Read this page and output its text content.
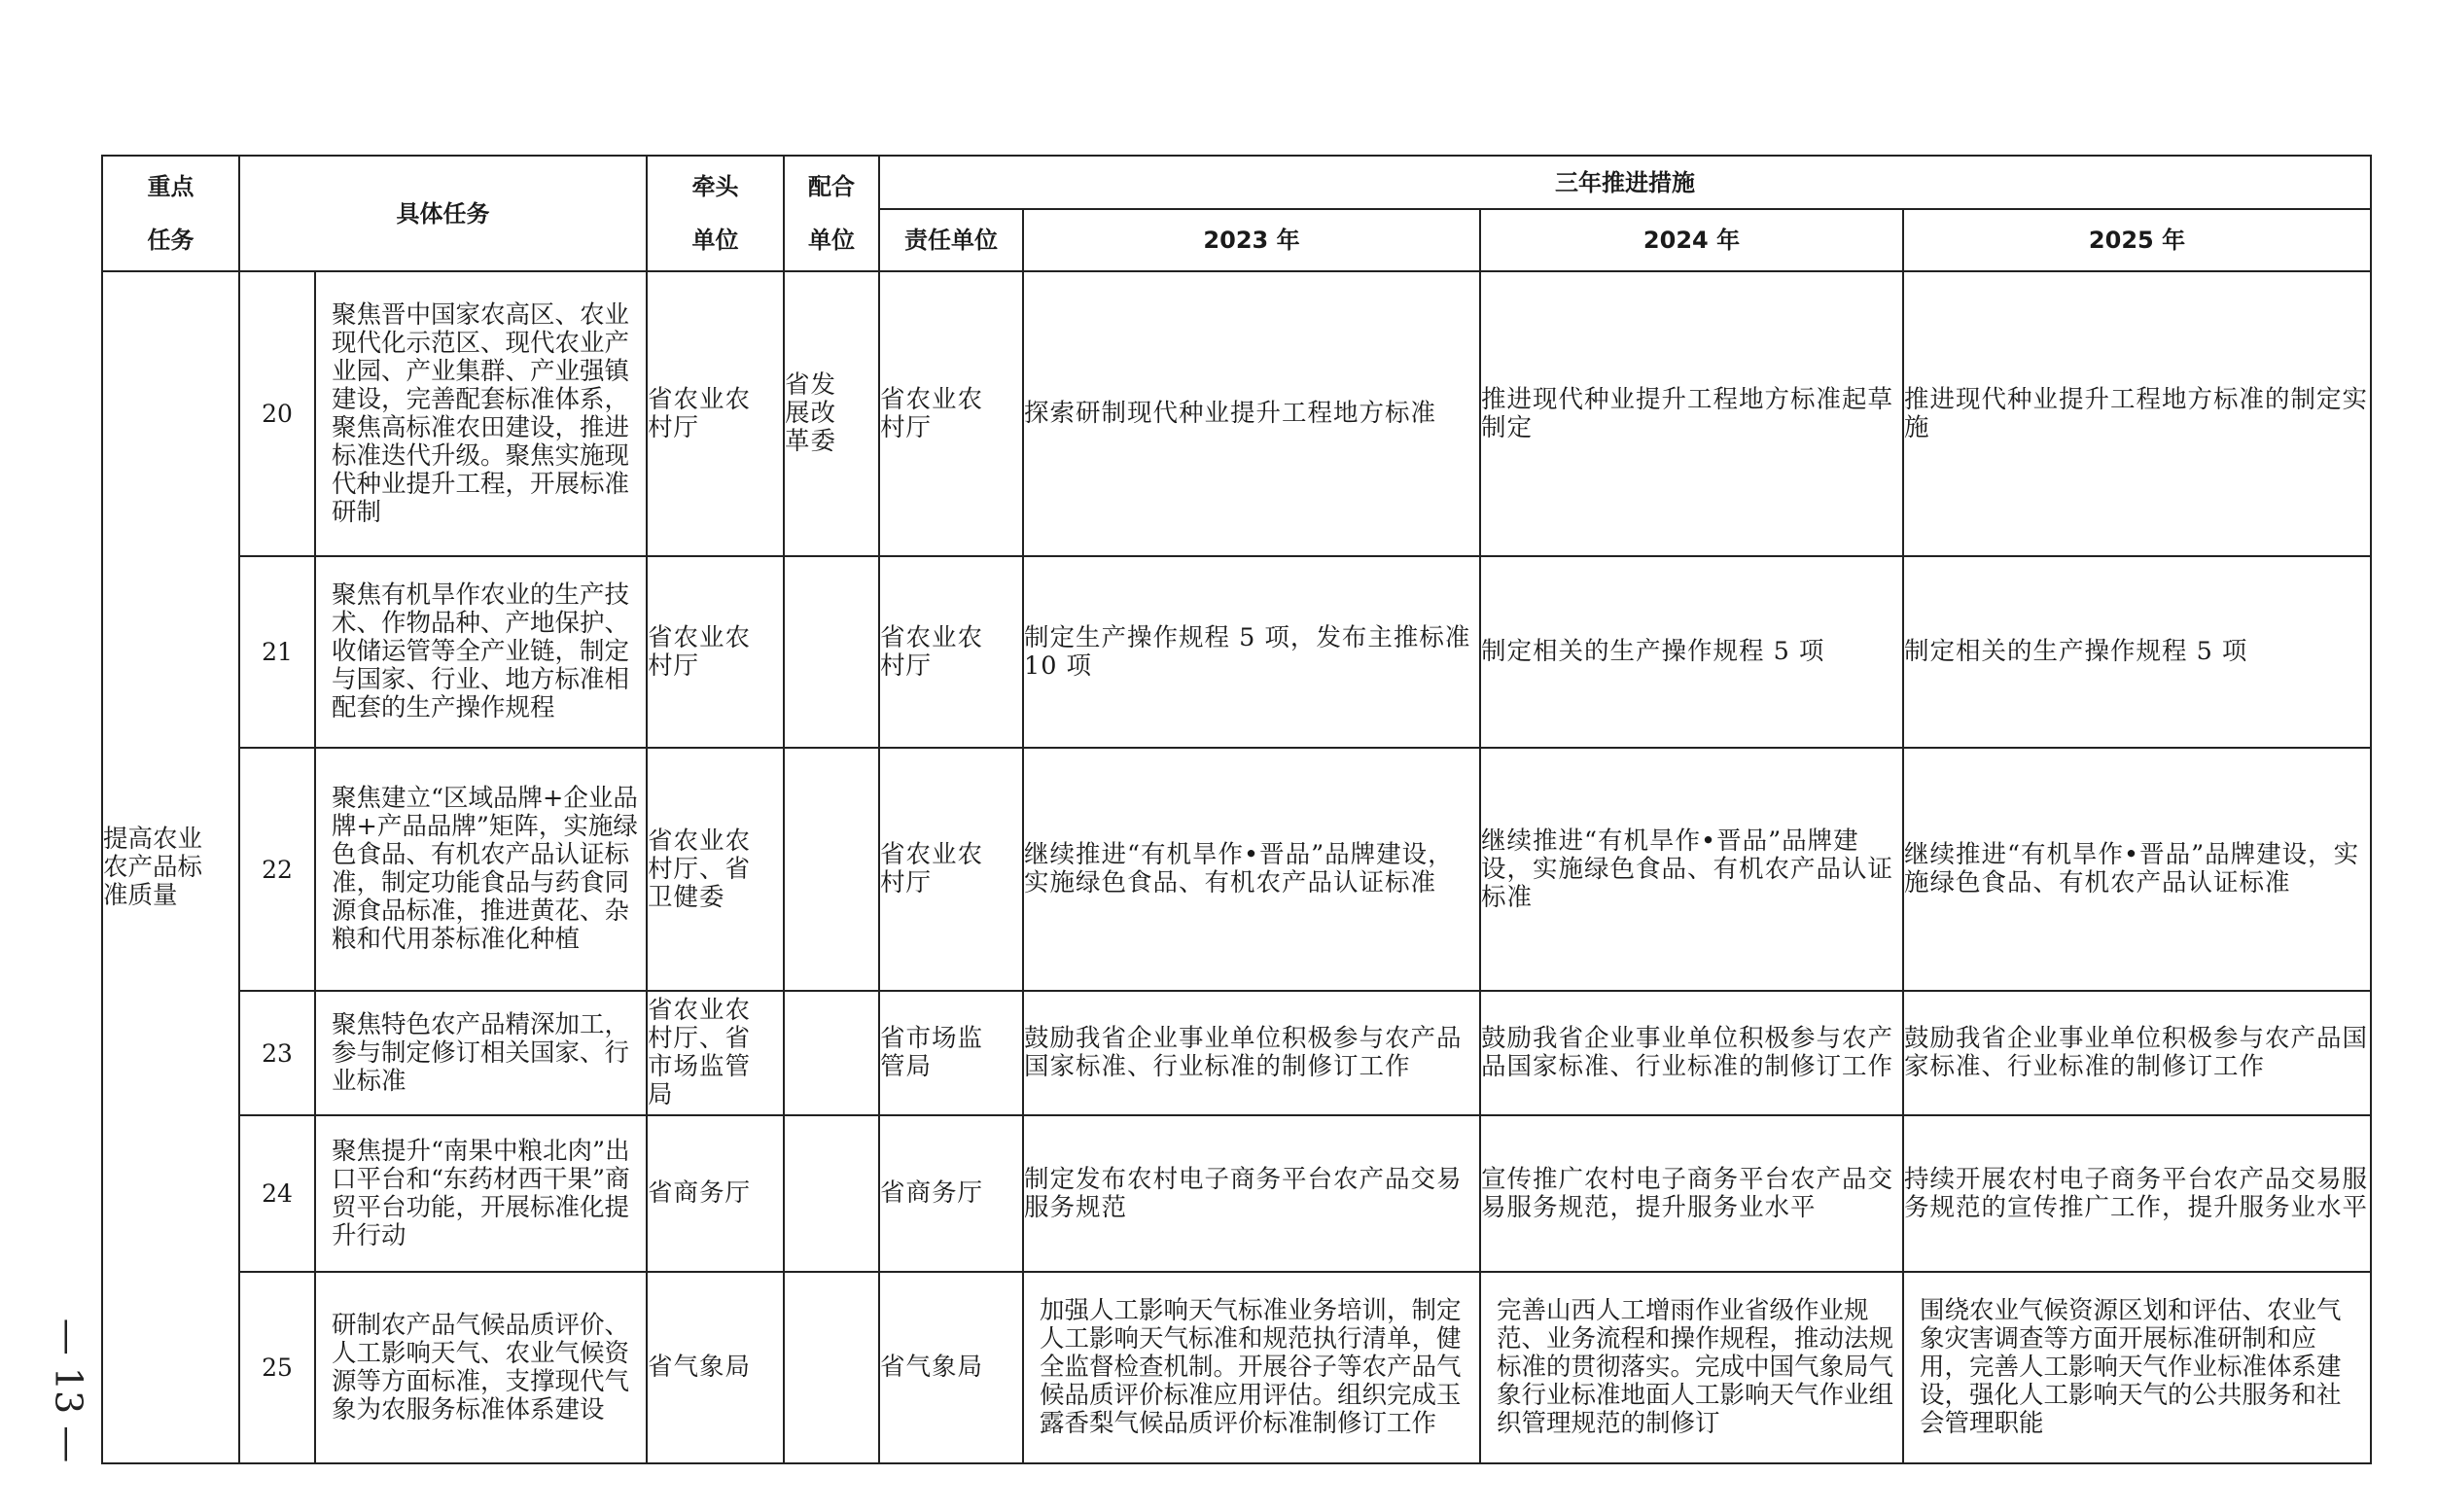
重点任务	具体任务		牵头单位	配合单位	三年推进措施			
					责任单位	2023 年	2024 年	2025 年

提高农业农产品标准质量	20	聚焦晋中国家农高区、农业现代化示范区、现代农业产业园、产业集群、产业强镇建设，完善配套标准体系，聚焦高标准农田建设，推进标准迭代升级。聚焦实施现代种业提升工程，开展标准研制	省农业农村厅	省发展改革委	省农业农村厅	探索研制现代种业提升工程地方标准	推进现代种业提升工程地方标准起草制定	推进现代种业提升工程地方标准的制定实施
	21	聚焦有机旱作农业的生产技术、作物品种、产地保护、收储运管等全产业链，制定与国家、行业、地方标准相配套的生产操作规程	省农业农村厅		省农业农村厅	制定生产操作规程 5 项，发布主推标准 10 项	制定相关的生产操作规程 5 项	制定相关的生产操作规程 5 项
	22	聚焦建立“区域品牌+企业品牌+产品品牌”矩阵，实施绿色食品、有机农产品认证标准，制定功能食品与药食同源食品标准，推进黄花、杂粮和代用茶标准化种植	省农业农村厅、省卫健委		省农业农村厅	继续推进“有机旱作•晋品”品牌建设，实施绿色食品、有机农产品认证标准	继续推进“有机旱作•晋品”品牌建设，实施绿色食品、有机农产品认证标准	继续推进“有机旱作•晋品”品牌建设，实施绿色食品、有机农产品认证标准
	23	聚焦特色农产品精深加工，参与制定修订相关国家、行业标准	省农业农村厅、省市场监管局		省市场监管局	鼓励我省企业事业单位积极参与农产品国家标准、行业标准的制修订工作	鼓励我省企业事业单位积极参与农产品国家标准、行业标准的制修订工作	鼓励我省企业事业单位积极参与农产品国家标准、行业标准的制修订工作
	24	聚焦提升“南果中粮北肉”出口平台和“东药材西干果”商贸平台功能，开展标准化提升行动	省商务厅		省商务厅	制定发布农村电子商务平台农产品交易服务规范	宣传推广农村电子商务平台农产品交易服务规范，提升服务业水平	持续开展农村电子商务平台农产品交易服务规范的宣传推广工作，提升服务业水平
	25	研制农产品气候品质评价、人工影响天气、农业气候资源等方面标准，支撑现代气象为农服务标准体系建设	省气象局		省气象局	加强人工影响天气标准业务培训，制定人工影响天气标准和规范执行清单，健全监督检查机制。开展谷子等农产品气候品质评价标准应用评估。组织完成玉露香梨气候品质评价标准制修订工作	完善山西人工增雨作业省级作业规范、业务流程和操作规程，推动法规标准的贯彻落实。完成中国气象局气象行业标准地面人工影响天气作业组织管理规范的制修订	围绕农业气候资源区划和评估、农业气象灾害调查等方面开展标准研制和应用，完善人工影响天气作业标准体系建设，强化人工影响天气的公共服务和社会管理职能
— 13 —
